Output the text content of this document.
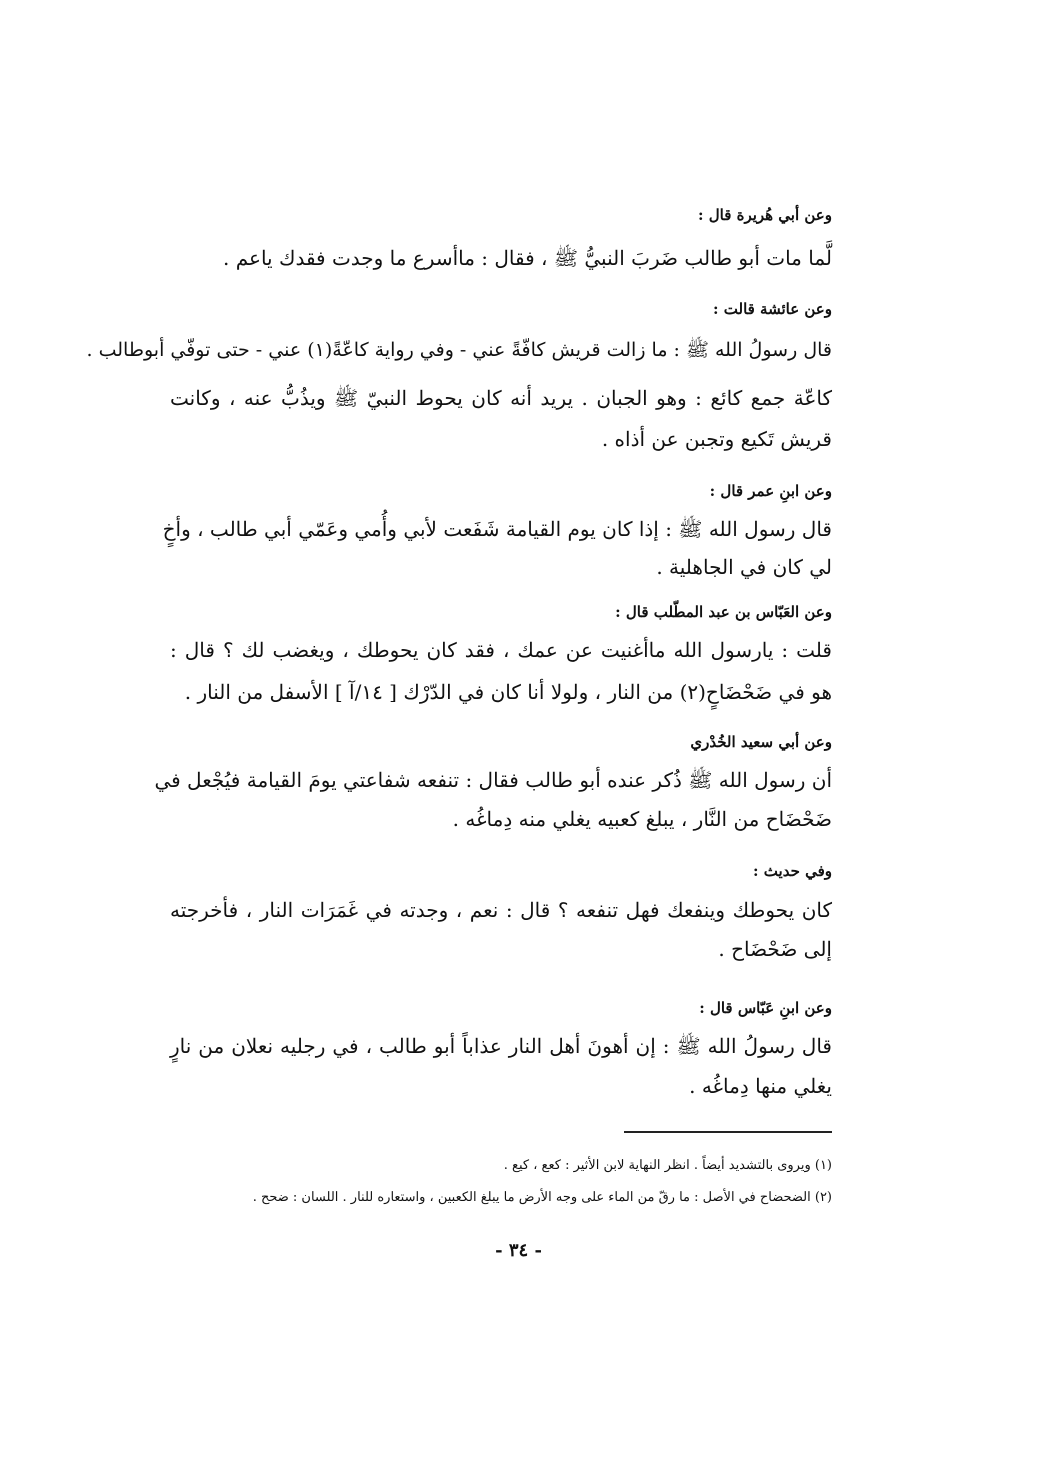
وعن أبي هُريرة قال :
لَّما مات أبو طالب ضَربَ النبيُّ ﷺ ، فقال : ماأسرع ما وجدت فقدك ياعم .
وعن عائشة قالت :
قال رسولُ الله ﷺ : ما زالت قريش كافّةً عني - وفي رواية كاعّةً(١) عني - حتى توفّي أبوطالب .
كاعّة جمع كائع : وهو الجبان . يريد أنه كان يحوط النبيّ ﷺ ويذُبُّ عنه ، وكانت
قريش تَكيع وتجبن عن أذاه .
وعن ابنِ عمر قال :
قال رسول الله ﷺ : إذا كان يوم القيامة شَفَعت لأبي وأُمي وعَمّي أبي طالب ، وأخٍ
لي كان في الجاهلية .
وعن العَبّاس بن عبد المطّلب قال :
قلت : يارسول الله ماأغنيت عن عمك ، فقد كان يحوطك ، ويغضب لك ؟ قال :
هو في ضَحْضَاحٍ(٢) من النار ، ولولا أنا كان في الدّرْك [ ١٤/آ ] الأسفل من النار .
وعن أبي سعيد الخُدْري
أن رسول الله ﷺ ذُكر عنده أبو طالب فقال : تنفعه شفاعتي يومَ القيامة فيُجْعل في
ضَحْضَاح من النَّار ، يبلغ كعبيه يغلي منه دِماغُه .
وفي حديث :
كان يحوطك وينفعك فهل تنفعه ؟ قال : نعم ، وجدته في غَمَرَات النار ، فأخرجته
إلى ضَحْضَاح .
وعن ابنِ عَبّاس قال :
قال رسولُ الله ﷺ : إن أهونَ أهل النار عذاباً أبو طالب ، في رجليه نعلان من نارٍ
يغلي منها دِماغُه .
(١) ويروى بالتشديد أيضاً . انظر النهاية لابن الأثير : كعع ، كيع .
(٢) الضحضاح في الأصل : ما رقّ من الماء على وجه الأرض ما يبلغ الكعبين ، واستعاره للنار . اللسان : ضحح .
- ٣٤ -
